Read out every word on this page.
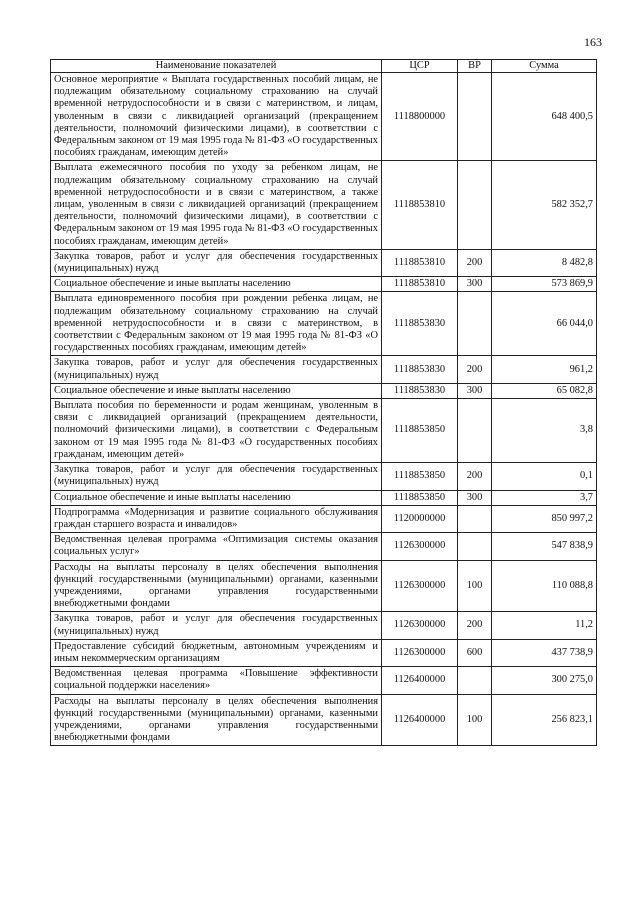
163
Наименование показателей	ЦСР	ВР	Сумма
Основное мероприятие « Выплата государственных пособий лицам, не подлежащим обязательному социальному страхованию на случай временной нетрудоспособности и в связи с материнством, и лицам, уволенным в связи с ликвидацией организаций (прекращением деятельности, полномочий физическими лицами), в соответствии с Федеральным законом от 19 мая 1995 года № 81-ФЗ «О государственных пособиях гражданам, имеющим детей»	1118800000		648 400,5
Выплата ежемесячного пособия по уходу за ребенком лицам, не подлежащим обязательному социальному страхованию на случай временной нетрудоспособности и в связи с материнством, а также лицам, уволенным в связи с ликвидацией организаций (прекращением деятельности, полномочий физическими лицами), в соответствии с Федеральным законом от 19 мая 1995 года № 81-ФЗ «О государственных пособиях гражданам, имеющим детей»	1118853810		582 352,7
Закупка товаров, работ и услуг для обеспечения государственных (муниципальных) нужд	1118853810	200	8 482,8
Социальное обеспечение и иные выплаты населению	1118853810	300	573 869,9
Выплата единовременного пособия при рождении ребенка лицам, не подлежащим обязательному социальному страхованию на случай временной нетрудоспособности и в связи с материнством, в соответствии с Федеральным законом от 19 мая 1995 года № 81-ФЗ «О государственных пособиях гражданам, имеющим детей»	1118853830		66 044,0
Закупка товаров, работ и услуг для обеспечения государственных (муниципальных) нужд	1118853830	200	961,2
Социальное обеспечение и иные выплаты населению	1118853830	300	65 082,8
Выплата пособия по беременности и родам женщинам, уволенным в связи с ликвидацией организаций (прекращением деятельности, полномочий физическими лицами), в соответствии с Федеральным законом от 19 мая 1995 года № 81-ФЗ «О государственных пособиях гражданам, имеющим детей»	1118853850		3,8
Закупка товаров, работ и услуг для обеспечения государственных (муниципальных) нужд	1118853850	200	0,1
Социальное обеспечение и иные выплаты населению	1118853850	300	3,7
Подпрограмма «Модернизация и развитие социального обслуживания граждан старшего возраста и инвалидов»	1120000000		850 997,2
Ведомственная целевая программа «Оптимизация системы оказания социальных услуг»	1126300000		547 838,9
Расходы на выплаты персоналу в целях обеспечения выполнения функций государственными (муниципальными) органами, казенными учреждениями, органами управления государственными внебюджетными фондами	1126300000	100	110 088,8
Закупка товаров, работ и услуг для обеспечения государственных (муниципальных) нужд	1126300000	200	11,2
Предоставление субсидий бюджетным, автономным учреждениям и иным некоммерческим организациям	1126300000	600	437 738,9
Ведомственная целевая программа «Повышение эффективности социальной поддержки населения»	1126400000		300 275,0
Расходы на выплаты персоналу в целях обеспечения выполнения функций государственными (муниципальными) органами, казенными учреждениями, органами управления государственными внебюджетными фондами	1126400000	100	256 823,1
